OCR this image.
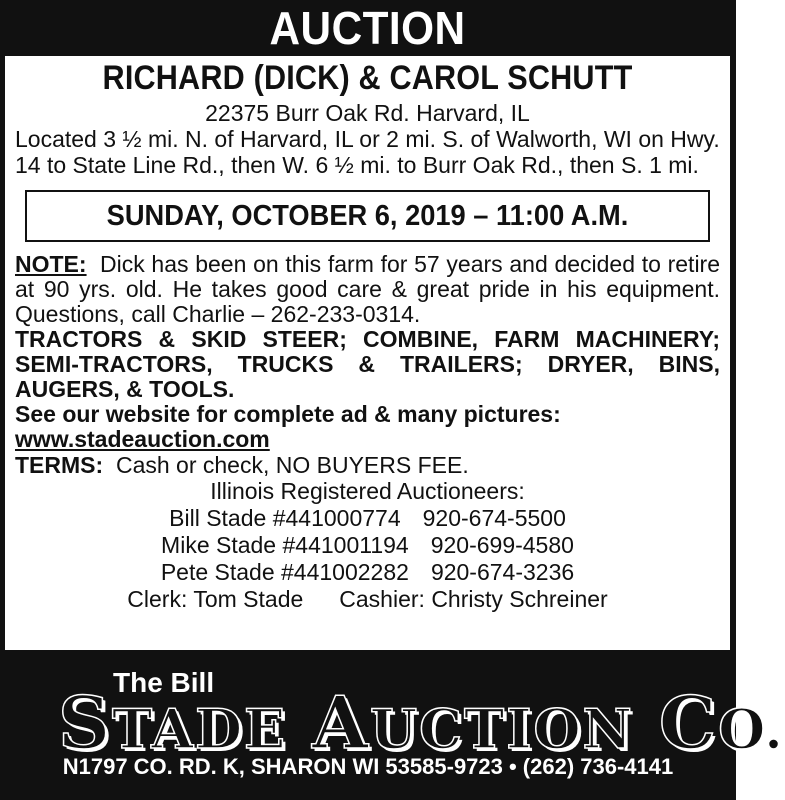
AUCTION

RICHARD (DICK) & CAROL SCHUTT

22375 Burr Oak Rd. Harvard, IL

Located 3 ½ mi. N. of Harvard, IL or 2 mi. S. of Walworth, WI on Hwy. 14 to State Line Rd., then W. 6 ½ mi. to Burr Oak Rd., then S. 1 mi.

SUNDAY, OCTOBER 6, 2019 – 11:00 A.M.

NOTE: Dick has been on this farm for 57 years and decided to retire at 90 yrs. old. He takes good care & great pride in his equipment. Questions, call Charlie – 262-233-0314.

TRACTORS & SKID STEER; COMBINE, FARM MACHINERY; SEMI-TRACTORS, TRUCKS & TRAILERS; DRYER, BINS, AUGERS, & TOOLS.

See our website for complete ad & many pictures:

www.stadeauction.com

TERMS: Cash or check, NO BUYERS FEE.

Illinois Registered Auctioneers:

Bill Stade #441000774 920-674-5500
Mike Stade #441001194 920-699-4580
Pete Stade #441002282 920-674-3236
Clerk: Tom Stade Cashier: Christy Schreiner
The Bill
STADE AUCTION CO.
N1797 CO. RD. K, SHARON WI 53585-9723 • (262) 736-4141
